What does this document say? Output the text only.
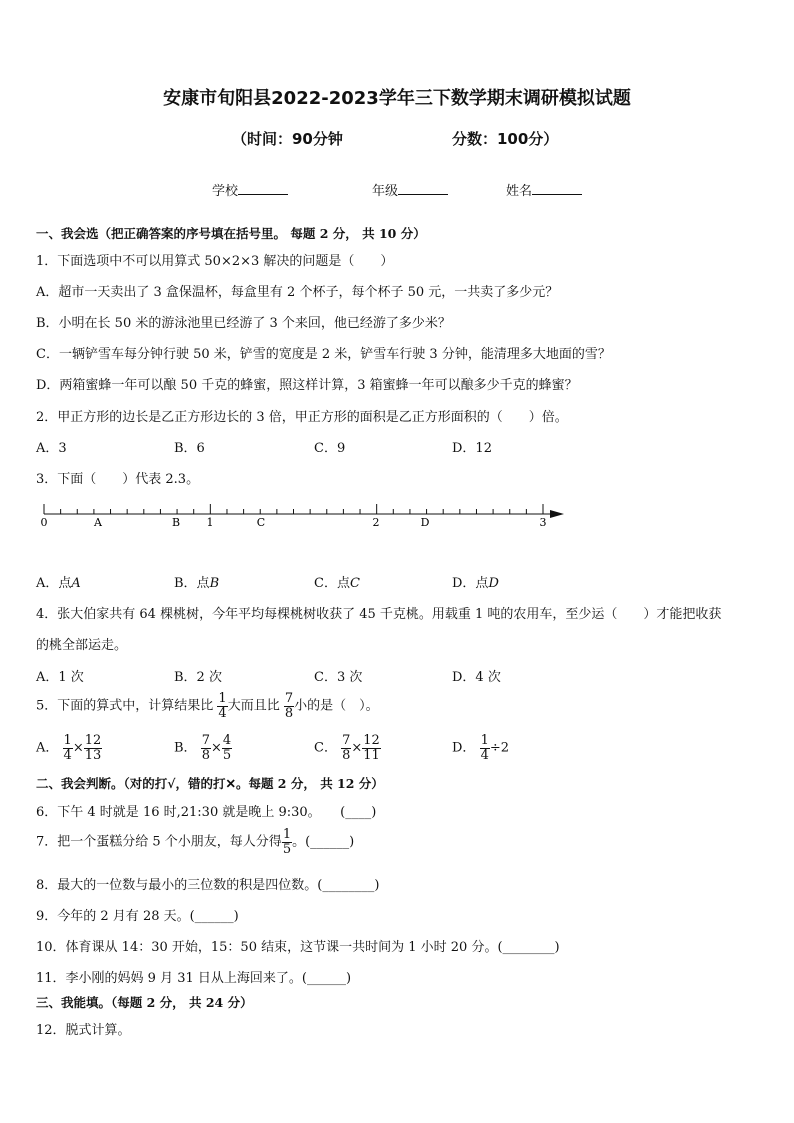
安康市旬阳县2022-2023学年三下数学期末调研模拟试题
（时间：90分钟	分数：100分）
学校	年级	姓名
一、我会选（把正确答案的序号填在括号里。 每题 2 分， 共 10 分）
1．下面选项中不可以用算式 50×2×3 解决的问题是（　　）
A．超市一天卖出了 3 盒保温杯，每盒里有 2 个杯子，每个杯子 50 元，一共卖了多少元？
B．小明在长 50 米的游泳池里已经游了 3 个来回，他已经游了多少米？
C．一辆铲雪车每分钟行驶 50 米，铲雪的宽度是 2 米，铲雪车行驶 3 分钟，能清理多大地面的雪？
D．两箱蜜蜂一年可以酿 50 千克的蜂蜜，照这样计算，3 箱蜜蜂一年可以酿多少千克的蜂蜜？
2．甲正方形的边长是乙正方形边长的 3 倍，甲正方形的面积是乙正方形面积的（　　）倍。
A．3	B．6	C．9	D．12
3．下面（　　）代表 2.3。
0	A	B 1	C	2	D	3
A．点A	B．点B	C．点C	D．点D
4．张大伯家共有 64 棵桃树，今年平均每棵桃树收获了 45 千克桃。用载重 1 吨的农用车，至少运（　　）才能把收获
的桃全部运走。
A．1 次	B．2 次	C．3 次	D．4 次
5．下面的算式中，计算结果比 $\frac{1}{4}$ 大而且比 $\frac{7}{8}$ 小的是（　）。
A． $\frac{1}{4} \times \frac{12}{13}$	B． $\frac{7}{8} \times \frac{4}{5}$	C． $\frac{7}{8} \times \frac{12}{11}$	D． $\frac{1}{4} \div 2$
二、我会判断。（对的打√，错的打✕。每题 2 分， 共 12 分）
6．下午 4 时就是 16 时,21:30 就是晚上 9:30。　　(____)
7．把一个蛋糕分给 5 个小朋友，每人分得 $\frac{1}{5}$ 。(______)
8．最大的一位数与最小的三位数的积是四位数。(________)
9．今年的 2 月有 28 天。(______)
10．体育课从 14：30 开始，15：50 结束，这节课一共时间为 1 小时 20 分。(________)
11．李小刚的妈妈 9 月 31 日从上海回来了。(______)
三、我能填。（每题 2 分， 共 24 分）
12．脱式计算。
